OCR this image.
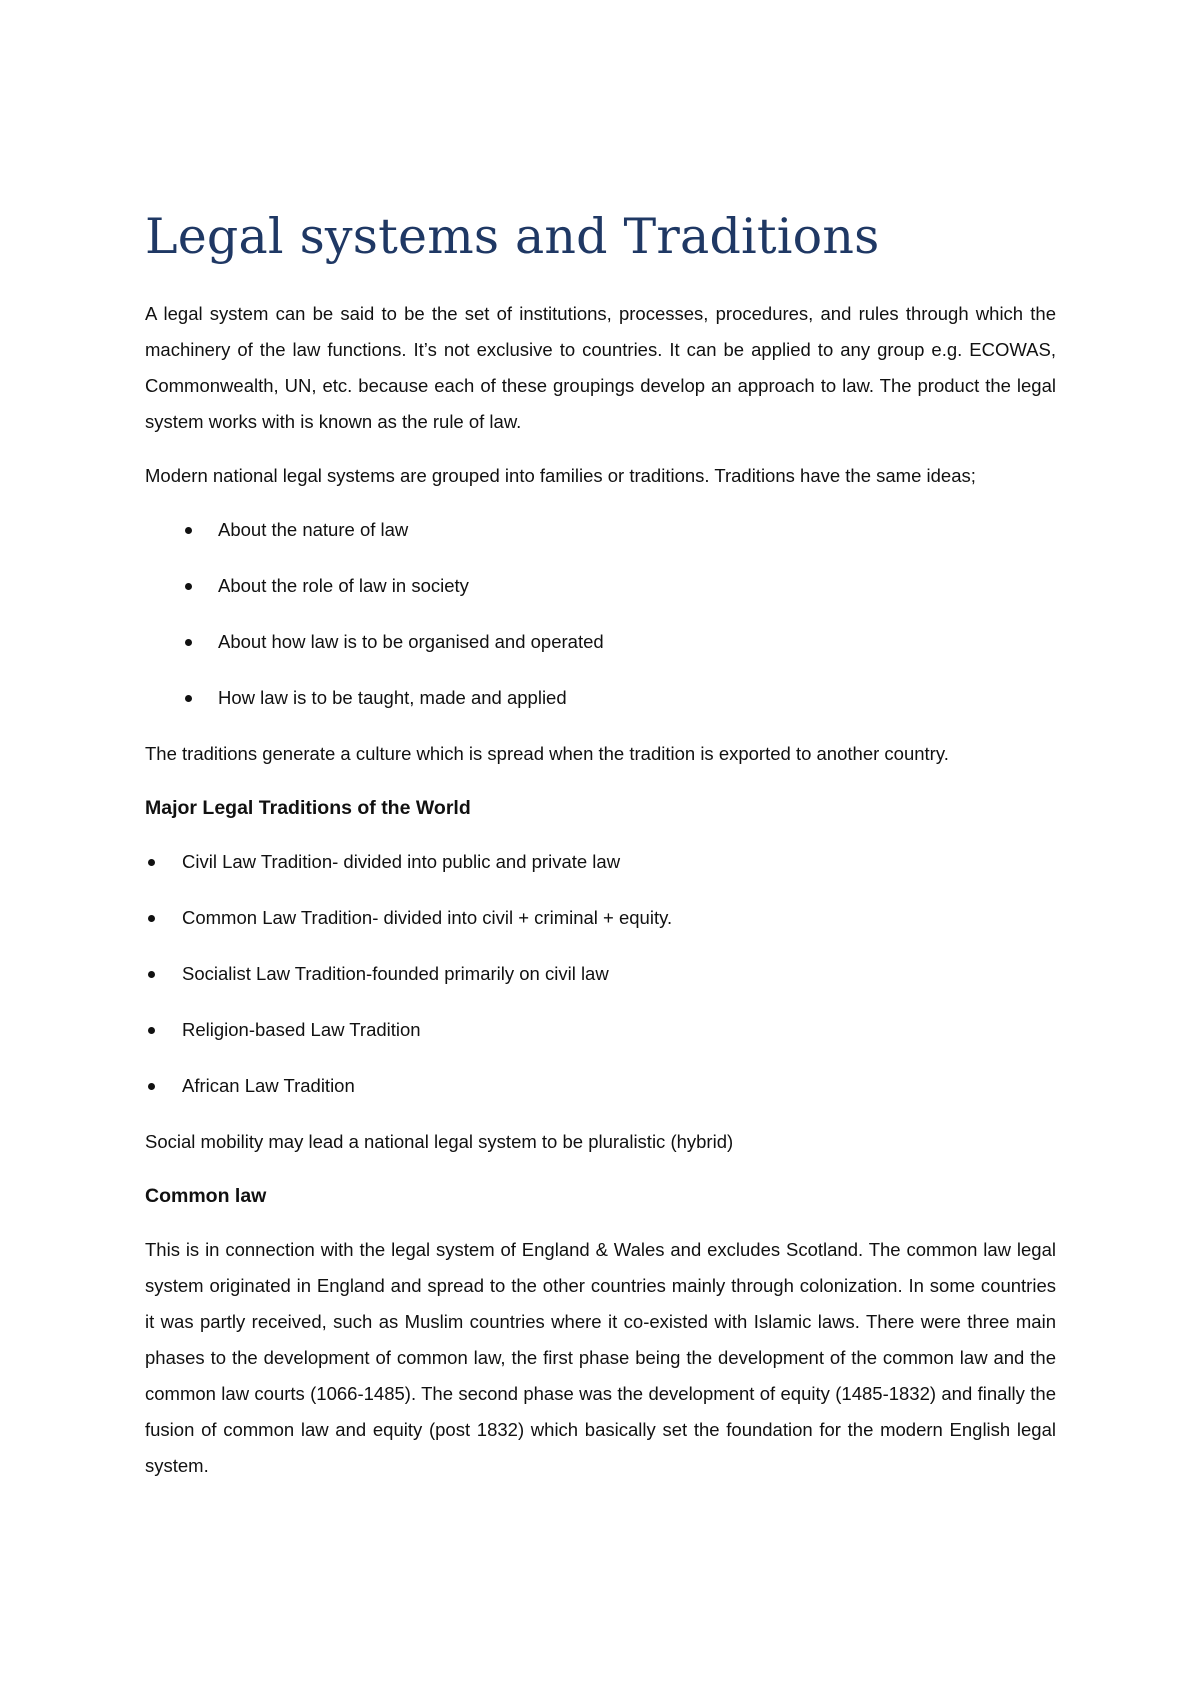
Legal systems and Traditions

A legal system can be said to be the set of institutions, processes, procedures, and rules through which the machinery of the law functions. It’s not exclusive to countries. It can be applied to any group e.g. ECOWAS, Commonwealth, UN, etc. because each of these groupings develop an approach to law. The product the legal system works with is known as the rule of law.

Modern national legal systems are grouped into families or traditions. Traditions have the same ideas;

About the nature of law
About the role of law in society
About how law is to be organised and operated
How law is to be taught, made and applied

The traditions generate a culture which is spread when the tradition is exported to another country.

Major Legal Traditions of the World
Civil Law Tradition- divided into public and private law
Common Law Tradition- divided into civil + criminal + equity.
Socialist Law Tradition-founded primarily on civil law
Religion-based Law Tradition
African Law Tradition

Social mobility may lead a national legal system to be pluralistic (hybrid)

Common law

This is in connection with the legal system of England & Wales and excludes Scotland. The common law legal system originated in England and spread to the other countries mainly through colonization. In some countries it was partly received, such as Muslim countries where it co-existed with Islamic laws. There were three main phases to the development of common law, the first phase being the development of the common law and the common law courts (1066-1485). The second phase was the development of equity (1485-1832) and finally the fusion of common law and equity (post 1832) which basically set the foundation for the modern English legal system.
